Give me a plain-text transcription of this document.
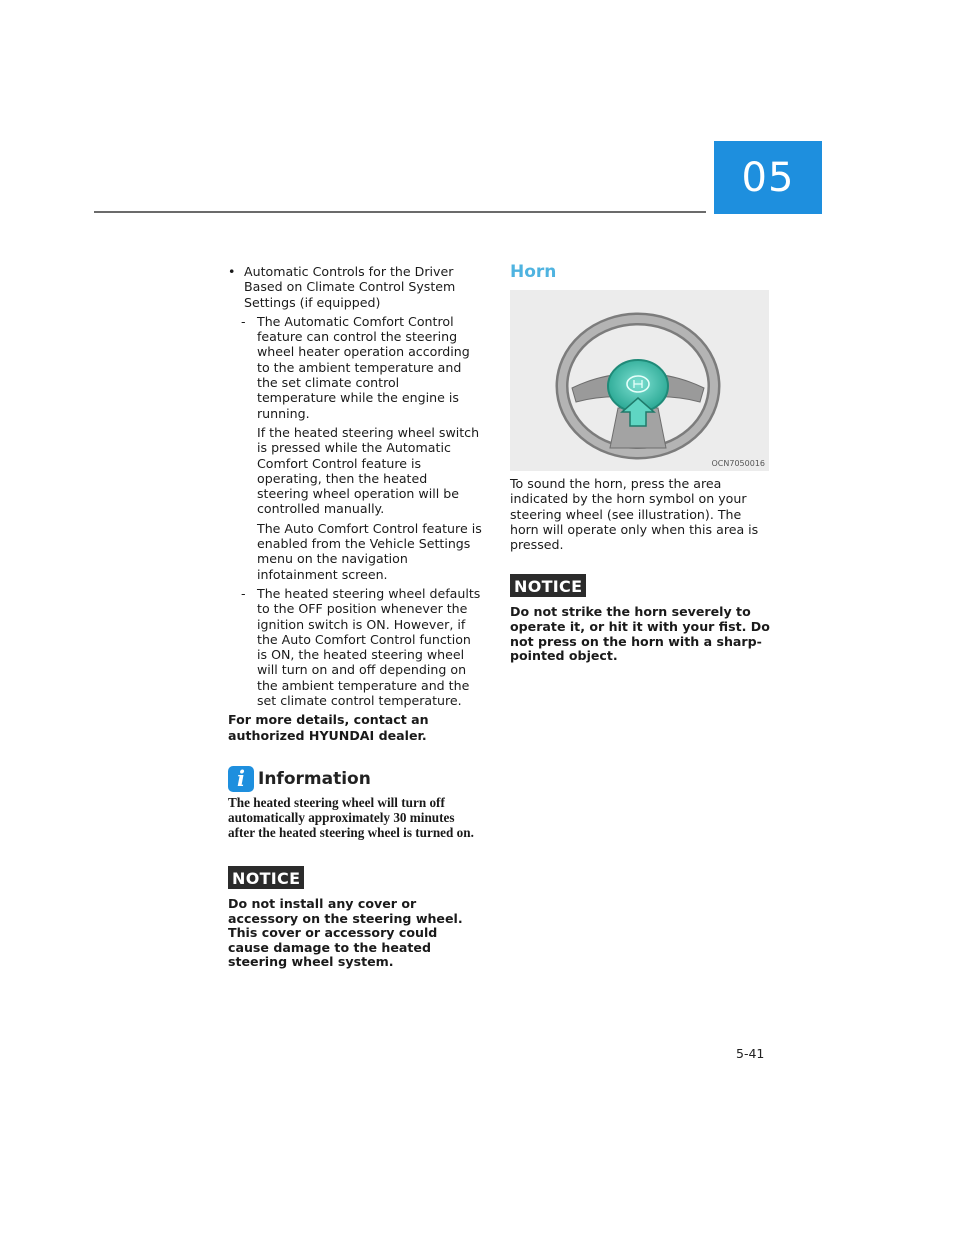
05
• Automatic Controls for the Driver Based on Climate Control System Settings (if equipped)
- The Automatic Comfort Control feature can control the steering wheel heater operation according to the ambient temperature and the set climate control temperature while the engine is running.
If the heated steering wheel switch is pressed while the Automatic Comfort Control feature is operating, then the heated steering wheel operation will be controlled manually.
The Auto Comfort Control feature is enabled from the Vehicle Settings menu on the navigation infotainment screen.
- The heated steering wheel defaults to the OFF position whenever the ignition switch is ON. However, if the Auto Comfort Control function is ON, the heated steering wheel will turn on and off depending on the ambient temperature and the set climate control temperature.
For more details, contact an authorized HYUNDAI dealer.
i Information
The heated steering wheel will turn off automatically approximately 30 minutes after the heated steering wheel is turned on.
NOTICE
Do not install any cover or accessory on the steering wheel. This cover or accessory could cause damage to the heated steering wheel system.
Horn
OCN7050016
To sound the horn, press the area indicated by the horn symbol on your steering wheel (see illustration). The horn will operate only when this area is pressed.
NOTICE
Do not strike the horn severely to operate it, or hit it with your fist. Do not press on the horn with a sharp-pointed object.
5-41
